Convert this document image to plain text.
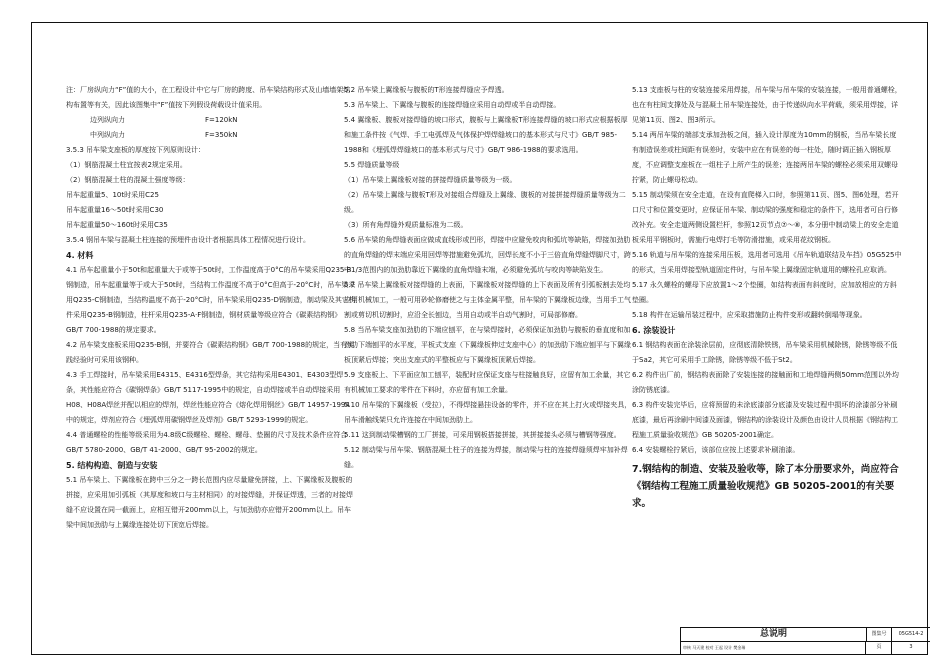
注：厂房纵向力“F”值的大小，在工程设计中它与厂房的跨度、吊车梁结构形式及山墙墙架结构布置等有关，因此该图集中“F”值按下列假设荷载设计值采用。

边列纵向力	F=120kN
中列纵向力	F=350kN

3.5.3 吊车梁支座板的厚度按下列原则设计：

（1）钢筋混凝土柱宜按表2规定采用。

（2）钢筋混凝土柱的混凝土强度等级：

吊车起重量5、10t时采用C25

吊车起重量16～50t时采用C30

吊车起重量50～160t时采用C35

3.5.4 钢吊车梁与混凝土柱连接的预埋件由设计者根据具体工程情况进行设计。

4. 材料

4.1 吊车起重量小于50t和起重量大于或等于50t时，工作温度高于0°C的吊车梁采用Q235-B钢制造，吊车起重量等于或大于50t时，当结构工作温度不高于0°C但高于-20°C时，吊车梁采用Q235-C钢制造，当结构温度不高于-20°C时，吊车梁采用Q235-D钢制造，制动梁及其它构件采用Q235-B钢制造，柱杆采用Q235-A·F钢制造，钢材质量等级应符合《碳素结构钢》GB/T 700-1988的规定要求。

4.2 吊车梁支座板采用Q235-B钢，并要符合《碳素结构钢》GB/T 700-1988的规定，当有实践经验时可采用该钢种。

4.3 手工焊接时，吊车梁采用E4315、E4316型焊条，其它结构采用E4301、E4303型焊条，其性能应符合《碳钢焊条》GB/T 5117-1995中的规定，自动焊接或半自动焊接采用H08、H08A焊丝并配以相应的焊剂，焊丝性能应符合《熔化焊用钢丝》GB/T 14957-1994中的规定，焊剂应符合《埋弧焊用碳钢焊丝及焊剂》GB/T 5293-1999的规定。

4.4 普通螺栓的性能等级采用为4.8级C级螺栓、螺栓、螺母、垫圈的尺寸及技术条件应符合GB/T 5780-2000、GB/T 41-2000、GB/T 95-2002的规定。

5. 结构构造、制造与安装

5.1 吊车梁上、下翼缘板在跨中三分之一跨长范围内应尽量避免拼接，上、下翼缘板及腹板的拼接，应采用加引弧板（其厚度和坡口与主材相同）的对接焊缝，并保证焊透，三者的对接焊缝不应设置在同一截面上，应相互错开200mm以上，与加劲肋亦应错开200mm以上。吊车梁中间加劲肋与上翼缘连接处切下顶宽后焊接。

5.2 吊车梁上翼缘板与腹板的T形连接焊缝应予焊透。

5.3 吊车梁上、下翼缘与腹板的连接焊缝应采用自动焊或半自动焊接。

5.4 翼缘板、腹板对接焊缝的坡口形式，腹板与上翼缘板T形连接焊缝的坡口形式应根据板厚和施工条件按《气焊、手工电弧焊及气体保护焊焊缝坡口的基本形式与尺寸》GB/T 985-1988和《埋弧焊焊缝坡口的基本形式与尺寸》GB/T 986-1988的要求选用。

5.5 焊缝质量等级

（1）吊车梁上翼缘板对接的拼接焊缝质量等级为一级。

（2）吊车梁上翼缘与腹板T形及对接组合焊缝及上翼缘、腹板的对接拼接焊缝质量等级为二级。

（3）所有角焊缝外观质量标准为二级。

5.6 吊车梁的角焊缝表面应做成直线形或凹形，焊接中应避免咬肉和弧坑等缺陷，焊接加劲肋的直角焊缝的焊末端应采用回焊等措施避免弧坑，回焊长度不小于三倍直角焊缝焊脚尺寸，跨中1/3范围内的加劲肋靠近下翼缘的直角焊缝末端，必须避免弧坑与咬肉等缺陷发生。

5.7 吊车梁上翼缘板对接焊缝的上表面，下翼缘板对接焊缝的上下表面及所有引弧板割去处均应用机械加工，一般可用砂轮修磨使之与主体金属平整，吊车梁的下翼缘板边缘，当用手工气割或剪切机切割时，应沿全长刨边，当用自动或半自动气割时，可局部修磨。

5.8 当吊车梁支座加劲肋的下端应刨平，在与梁焊接时，必须保证加劲肋与腹板的垂直度和加劲肋下端刨平的水平度，平板式支座（下翼缘板伸过支座中心）的加劲肋下端应刨平与下翼缘板顶紧后焊接；突出支座式的平整板应与下翼缘板顶紧后焊接。

5.9 支座板上、下平面应加工刨平，装配时应保证支座与柱接触良好，应留有加工余量，其它有机械加工要求的零件在下料时，亦应留有加工余量。

5.10 吊车梁的下翼缘板（受拉），不得焊接悬挂设备的零件，并不应在其上打火或焊接夹具，吊车滑触线架只允许连接在中间加劲肋上。

5.11 这到制动梁槽钢的工厂拼接，可采用钢板搭接拼接，其拼接接头必须与槽钢等强度。

5.12 制动梁与吊车梁、钢筋混凝土柱子的连接为焊接，制动梁与柱的连接焊缝须焊牢加补焊缝。

5.13 支座板与柱的安装连接采用焊接，吊车梁与吊车梁的安装连接，一般用普通螺栓，也在有柱间支撑处及与混凝土吊车梁连接处，由于传递纵向水平荷载，须采用焊接，详见第11页、图2、图3所示。

5.14 两吊车梁的端部支承加劲板之间，插入设计厚度为10mm的钢板，当吊车梁长度有制造误差或柱间距有误差时，安装中应在有误差的每一柱处，随时调正插入钢板厚度，不应调整支座板在一组柱子上所产生的误差；连接两吊车梁的螺栓必须采用双螺母拧紧，防止螺母松动。

5.15 制动梁须在安全走道，在设有直爬梯入口时，参照第11页、图5、图6处理，若开口尺寸和位置变更时，应保证吊车梁、制动梁的强度和稳定的条件下，选用者可自行修改补充。安全走道两侧设置栏杆，参照12页节点⑦～⑧，本分册中制动梁上的安全走道板采用平钢板时，需施行电焊打毛等防滑措施，或采用花纹钢板。

5.16 轨道与吊车梁的连接采用压板，选用者可选用《吊车轨道联结及车挡》05G525中的形式，当采用焊接型轨道固定件时，与吊车梁上翼缘固定轨道用的螺栓孔应取消。

5.17 永久螺栓的螺母下应放置1～2个垫圈，如结构表面有斜度时，应加放相应的方斜垫圈。

5.18 构件在运输吊装过程中，应采取措施防止构件变形或翻转倒塌等现象。

6. 涂装设计

6.1 钢结构表面在涂装涂层前，应彻底清除铁锈，吊车梁采用机械除锈，除锈等级不低于Sa2，其它可采用手工除锈，除锈等级不低于St2。

6.2 构件出厂前，钢结构表面除了安装连接的接触面和工地焊缝两侧50mm范围以外均涂防锈底漆。

6.3 构件安装完毕后，应将预留的未涂底漆部分底漆及安装过程中损坏的涂漆部分补刷底漆，最后再涂刷中间漆及面漆，钢结构的涂装设计及颜色由设计人员根据《钢结构工程施工质量验收规范》GB 50205-2001确定。

6.4 安装螺栓拧紧后，该部位应按上述要求补刷油漆。

7.钢结构的制造、安装及验收等，除了本分册要求外，尚应符合《钢结构工程施工质量验收规范》GB 50205-2001的有关要求。

总说明
审核 马天建 校对 王起 设计 樊金瑞
图集号	05G514-2
页	3
